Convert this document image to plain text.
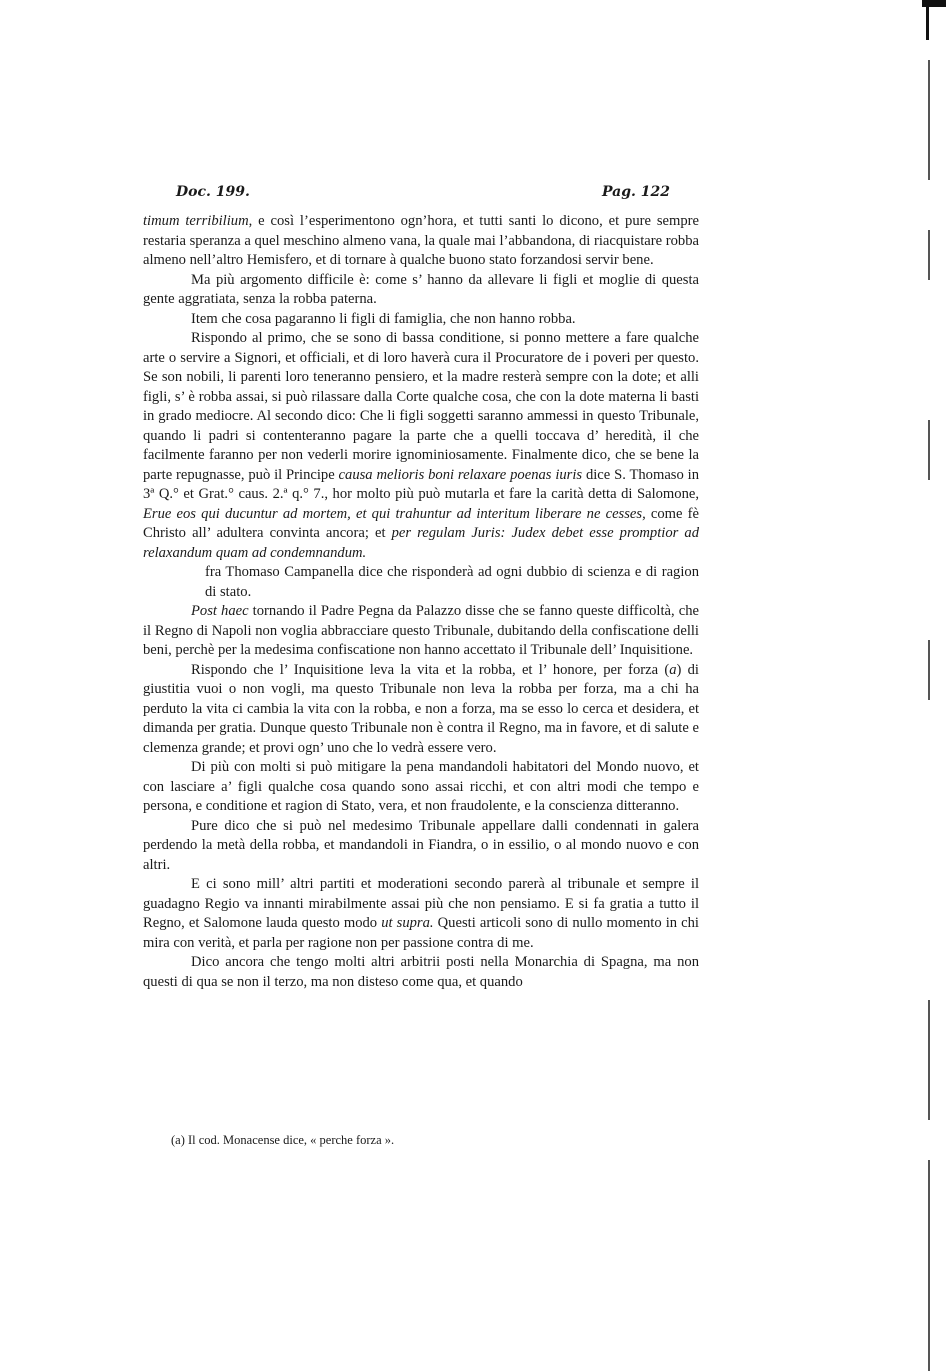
Doc. 199.	Pag. 122

timum terribilium, e così l’esperimentono ogn’hora, et tutti santi lo dicono, et pure sempre restaria speranza a quel meschino almeno vana, la quale mai l’abbandona, di riacquistare robba almeno nell’altro Hemisfero, et di tornare à qualche buono stato forzandosi servir bene.

Ma più argomento difficile è: come s’ hanno da allevare li figli et moglie di questa gente aggratiata, senza la robba paterna.

Item che cosa pagaranno li figli di famiglia, che non hanno robba.

Rispondo al primo, che se sono di bassa conditione, si ponno mettere a fare qualche arte o servire a Signori, et officiali, et di loro haverà cura il Procuratore de i poveri per questo. Se son nobili, li parenti loro teneranno pensiero, et la madre resterà sempre con la dote; et alli figli, s’ è robba assai, si può rilassare dalla Corte qualche cosa, che con la dote materna li basti in grado mediocre. Al secondo dico: Che li figli soggetti saranno ammessi in questo Tribunale, quando li padri si contenteranno pagare la parte che a quelli toccava d’ heredità, il che facilmente faranno per non vederli morire ignominiosamente. Finalmente dico, che se bene la parte repugnasse, può il Principe causa melioris boni relaxare poenas iuris dice S. Thomaso in 3ª Q.° et Grat.° caus. 2.ª q.° 7., hor molto più può mutarla et fare la carità detta di Salomone, Erue eos qui ducuntur ad mortem, et qui trahuntur ad interitum liberare ne cesses, come fè Christo all’ adultera convinta ancora; et per regulam Juris: Judex debet esse promptior ad relaxandum quam ad condemnandum.

fra Thomaso Campanella dice che risponderà ad ogni dubbio di scienza e di ragion di stato.

Post haec tornando il Padre Pegna da Palazzo disse che se fanno queste difficoltà, che il Regno di Napoli non voglia abbracciare questo Tribunale, dubitando della confiscatione delli beni, perchè per la medesima confiscatione non hanno accettato il Tribunale dell’ Inquisitione.

Rispondo che l’ Inquisitione leva la vita et la robba, et l’ honore, per forza (a) di giustitia vuoi o non vogli, ma questo Tribunale non leva la robba per forza, ma a chi ha perduto la vita ci cambia la vita con la robba, e non a forza, ma se esso lo cerca et desidera, et dimanda per gratia. Dunque questo Tribunale non è contra il Regno, ma in favore, et di salute e clemenza grande; et provi ogn’ uno che lo vedrà essere vero.

Di più con molti si può mitigare la pena mandandoli habitatori del Mondo nuovo, et con lasciare a’ figli qualche cosa quando sono assai ricchi, et con altri modi che tempo e persona, e conditione et ragion di Stato, vera, et non fraudolente, e la conscienza ditteranno.

Pure dico che si può nel medesimo Tribunale appellare dalli condennati in galera perdendo la metà della robba, et mandandoli in Fiandra, o in essilio, o al mondo nuovo e con altri.

E ci sono mill’ altri partiti et moderationi secondo parerà al tribunale et sempre il guadagno Regio va innanti mirabilmente assai più che non pensiamo. E si fa gratia a tutto il Regno, et Salomone lauda questo modo ut supra. Questi articoli sono di nullo momento in chi mira con verità, et parla per ragione non per passione contra di me.

Dico ancora che tengo molti altri arbitrii posti nella Monarchia di Spagna, ma non questi di qua se non il terzo, ma non disteso come qua, et quando

(a) Il cod. Monacense dice, « perche forza ».
